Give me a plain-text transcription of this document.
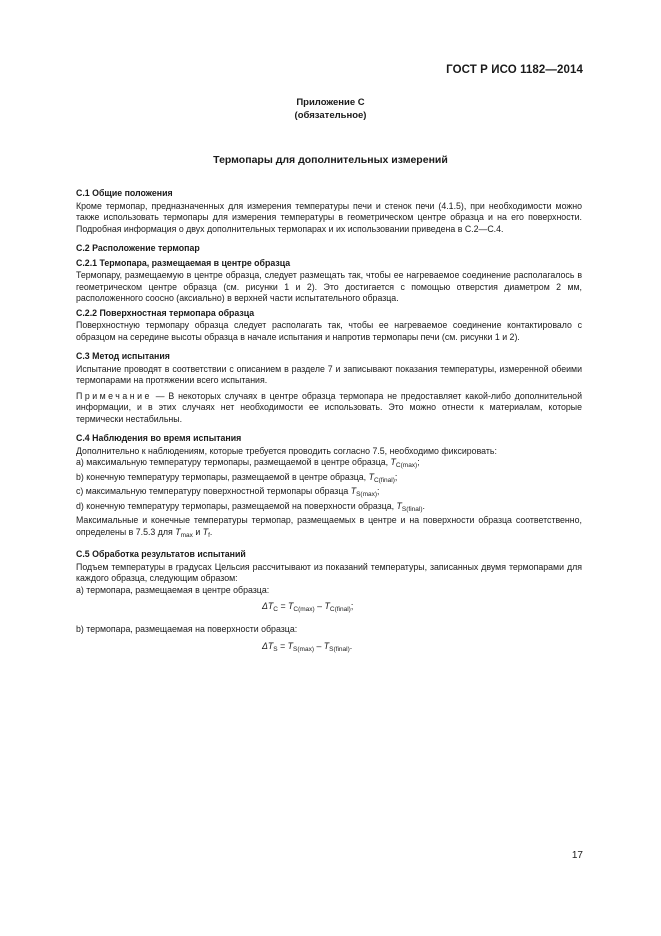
ГОСТ Р ИСО 1182—2014
Приложение С
(обязательное)
Термопары для дополнительных измерений

С.1 Общие положения

Кроме термопар, предназначенных для измерения температуры печи и стенок печи (4.1.5), при необходимости можно также использовать термопары для измерения температуры в геометрическом центре образца и на его поверхности. Подробная информация о двух дополнительных термопарах и их использовании приведена в С.2—С.4.

С.2 Расположение термопар

С.2.1 Термопара, размещаемая в центре образца

Термопару, размещаемую в центре образца, следует размещать так, чтобы ее нагреваемое соединение располагалось в геометрическом центре образца (см. рисунки 1 и 2). Это достигается с помощью отверстия диаметром 2 мм, расположенного соосно (аксиально) в верхней части испытательного образца.

С.2.2 Поверхностная термопара образца

Поверхностную термопару образца следует располагать так, чтобы ее нагреваемое соединение контактировало с образцом на середине высоты образца в начале испытания и напротив термопары печи (см. рисунки 1 и 2).

С.3 Метод испытания

Испытание проводят в соответствии с описанием в разделе 7 и записывают показания температуры, измеренной обеими термопарами на протяжении всего испытания.

Примечание — В некоторых случаях в центре образца термопара не предоставляет какой-либо дополнительной информации, и в этих случаях нет необходимости ее использовать. Это можно отнести к материалам, которые термически нестабильны.

С.4 Наблюдения во время испытания

Дополнительно к наблюдениям, которые требуется проводить согласно 7.5, необходимо фиксировать:

a) максимальную температуру термопары, размещаемой в центре образца, $T_{C(max)}$;

b) конечную температуру термопары, размещаемой в центре образца, $T_{C(final)}$;

c) максимальную температуру поверхностной термопары образца $T_{S(max)}$;

d) конечную температуру термопары, размещаемой на поверхности образца, $T_{S(final)}$.

Максимальные и конечные температуры термопар, размещаемых в центре и на поверхности образца соответственно, определены в 7.5.3 для $T_{max}$ и $T_f$.

С.5 Обработка результатов испытаний

Подъем температуры в градусах Цельсия рассчитывают из показаний температуры, записанных двумя термопарами для каждого образца, следующим образом:

a) термопара, размещаемая в центре образца:

$\Delta T_C = T_{C(max)} - T_{C(final)}$;

b) термопара, размещаемая на поверхности образца:

$\Delta T_S = T_{S(max)} - T_{S(final)}$.
17
